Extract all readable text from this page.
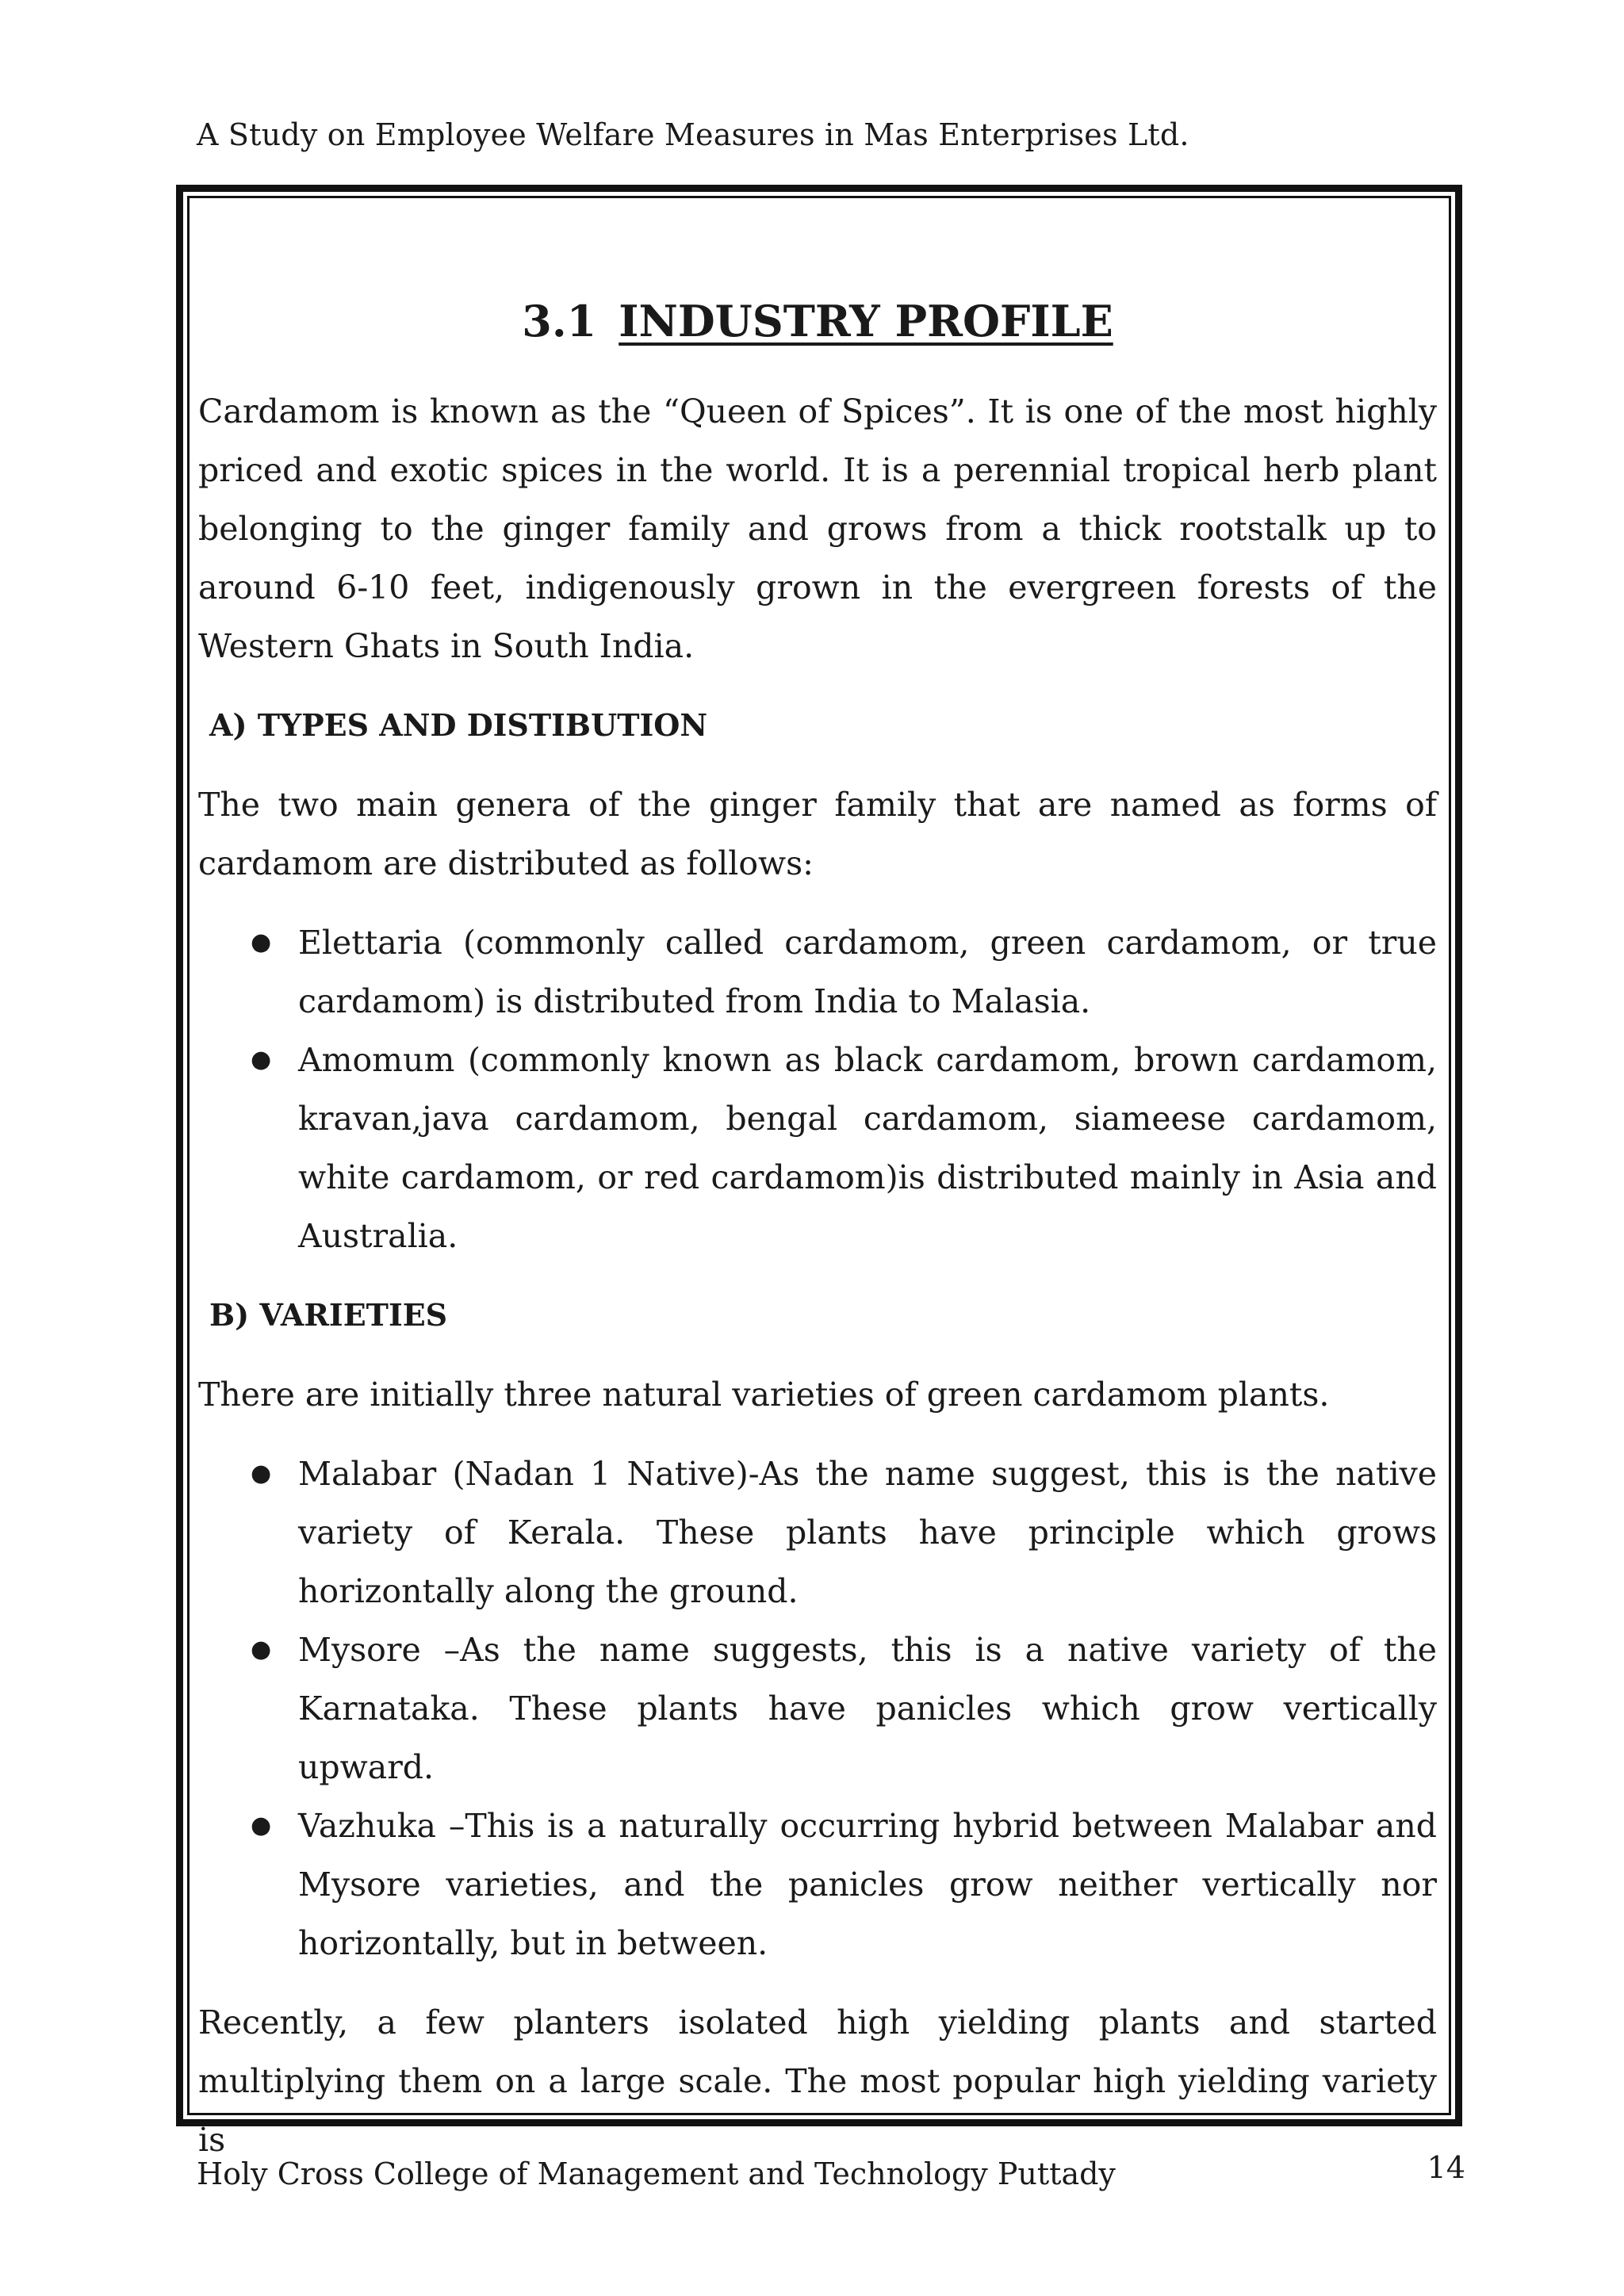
A Study on Employee Welfare Measures in Mas Enterprises Ltd.
3.1 INDUSTRY PROFILE

Cardamom is known as the “Queen of Spices”. It is one of the most highly priced and exotic spices in the world. It is a perennial tropical herb plant belonging to the ginger family and grows from a thick rootstalk up to around 6-10 feet, indigenously grown in the evergreen forests of the Western Ghats in South India.

A) TYPES AND DISTIBUTION

The two main genera of the ginger family that are named as forms of cardamom are distributed as follows:

● Elettaria (commonly called cardamom, green cardamom, or true cardamom) is distributed from India to Malasia.
● Amomum (commonly known as black cardamom, brown cardamom, kravan,java cardamom, bengal cardamom, siameese cardamom, white cardamom, or red cardamom)is distributed mainly in Asia and Australia.
B) VARIETIES

There are initially three natural varieties of green cardamom plants.

● Malabar (Nadan 1 Native)-As the name suggest, this is the native variety of Kerala. These plants have principle which grows horizontally along the ground.
● Mysore –As the name suggests, this is a native variety of the Karnataka. These plants have panicles which grow vertically upward.
● Vazhuka –This is a naturally occurring hybrid between Malabar and Mysore varieties, and the panicles grow neither vertically nor horizontally, but in between.

Recently, a few planters isolated high yielding plants and started multiplying them on a large scale. The most popular high yielding variety is

Holy Cross College of Management and Technology Puttady	14
